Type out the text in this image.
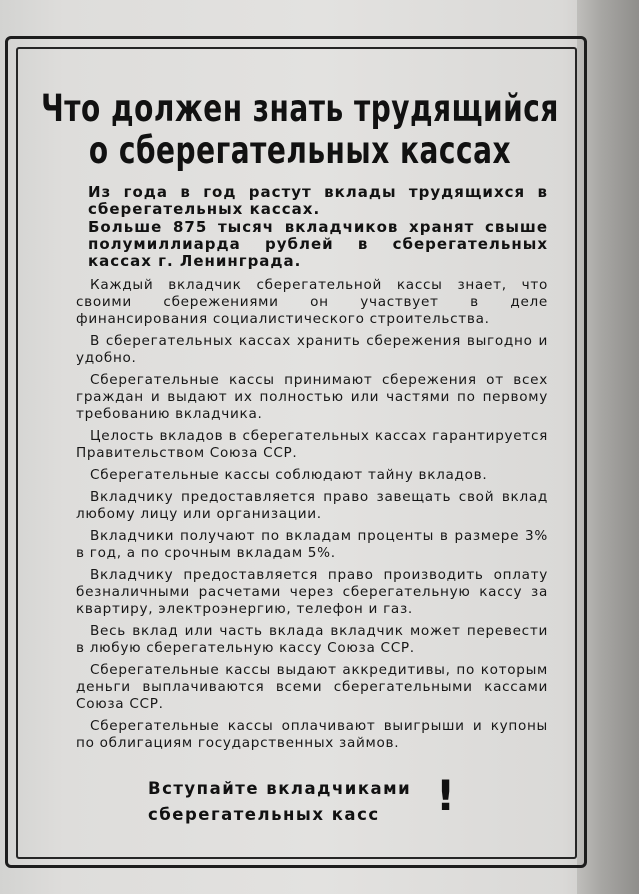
Что должен знать трудящийся
о сберегательных кассах
Из года в год растут вклады трудящихся в сберегательных кассах.
Больше 875 тысяч вкладчиков хранят свыше полумиллиарда рублей в сберегательных кассах г. Ленинграда.

Каждый вкладчик сберегательной кассы знает, что своими сбережениями он участвует в деле финансирования социалистического строительства.

В сберегательных кассах хранить сбережения выгодно и удобно.

Сберегательные кассы принимают сбережения от всех граждан и выдают их полностью или частями по первому требованию вкладчика.

Целость вкладов в сберегательных кассах гарантируется Правительством Союза ССР.

Сберегательные кассы соблюдают тайну вкладов.

Вкладчику предоставляется право завещать свой вклад любому лицу или организации.

Вкладчики получают по вкладам проценты в размере 3% в год, а по срочным вкладам 5%.

Вкладчику предоставляется право производить оплату безналичными расчетами через сберегательную кассу за квартиру, электроэнергию, телефон и газ.

Весь вклад или часть вклада вкладчик может перевести в любую сберегательную кассу Союза ССР.

Сберегательные кассы выдают аккредитивы, по которым деньги выплачиваются всеми сберегательными кассами Союза ССР.

Сберегательные кассы оплачивают выигрыши и купоны по облигациям государственных займов.

Вступайте вкладчиками
сберегательных касс	!
